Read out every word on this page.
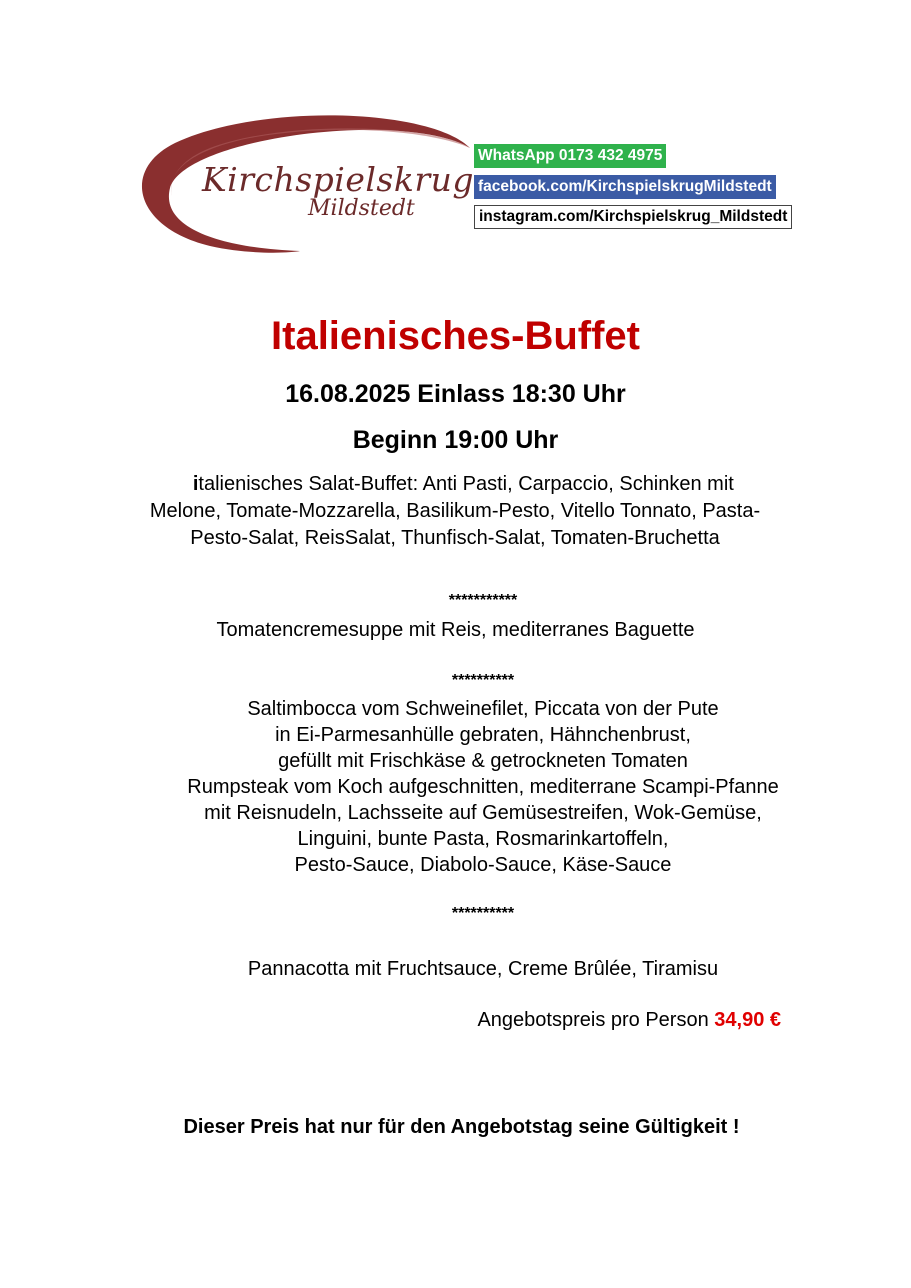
Kirchspielskrug
Mildstedt
WhatsApp 0173 432 4975
facebook.com/KirchspielskrugMildstedt
instagram.com/Kirchspielskrug_Mildstedt
Italienisches-Buffet
16.08.2025 Einlass 18:30 Uhr
Beginn 19:00 Uhr
italienisches Salat-Buffet: Anti Pasti, Carpaccio, Schinken mit
Melone, Tomate-Mozzarella, Basilikum-Pesto, Vitello Tonnato, Pasta-
Pesto-Salat, ReisSalat, Thunfisch-Salat, Tomaten-Bruchetta
***********
Tomatencremesuppe mit Reis, mediterranes Baguette
**********
Saltimbocca vom Schweinefilet, Piccata von der Pute
in Ei-Parmesanhülle gebraten, Hähnchenbrust,
gefüllt mit Frischkäse & getrockneten Tomaten
Rumpsteak vom Koch aufgeschnitten, mediterrane Scampi-Pfanne
mit Reisnudeln, Lachsseite auf Gemüsestreifen, Wok-Gemüse,
Linguini, bunte Pasta, Rosmarinkartoffeln,
Pesto-Sauce, Diabolo-Sauce, Käse-Sauce
**********
Pannacotta mit Fruchtsauce, Creme Brûlée, Tiramisu
Angebotspreis pro Person 34,90 €
Dieser Preis hat nur für den Angebotstag seine Gültigkeit !
